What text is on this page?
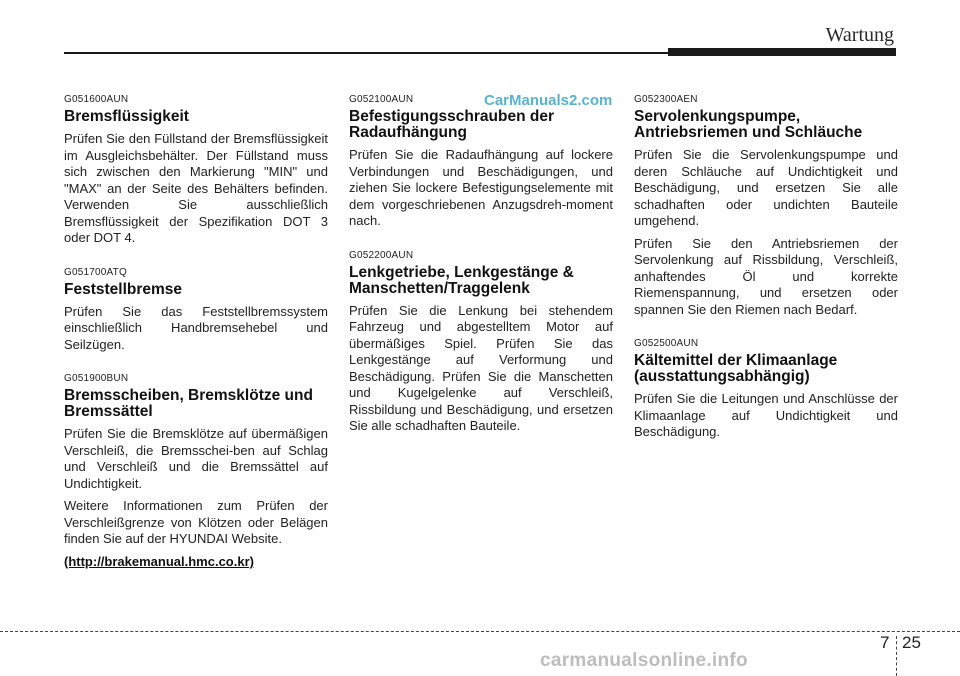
Wartung
CarManuals2.com

G051600AUN

Bremsflüssigkeit

Prüfen Sie den Füllstand der Bremsflüssigkeit im Ausgleichsbehälter. Der Füllstand muss sich zwischen den Markierung "MIN" und "MAX" an der Seite des Behälters befinden. Verwenden Sie ausschließlich Bremsflüssigkeit der Spezifikation DOT 3 oder DOT 4.

G051700ATQ

Feststellbremse

Prüfen Sie das Feststellbremssystem einschließlich Handbremsehebel und Seilzügen.

G051900BUN

Bremsscheiben, Bremsklötze und Bremssättel

Prüfen Sie die Bremsklötze auf übermäßigen Verschleiß, die Bremsschei-ben auf Schlag und Verschleiß und die Bremssättel auf Undichtigkeit.

Weitere Informationen zum Prüfen der Verschleißgrenze von Klötzen oder Belägen finden Sie auf der HYUNDAI Website.

(http://brakemanual.hmc.co.kr)

G052100AUN

Befestigungsschrauben der Radaufhängung

Prüfen Sie die Radaufhängung auf lockere Verbindungen und Beschädigungen, und ziehen Sie lockere Befestigungselemente mit dem vorgeschriebenen Anzugsdreh-moment nach.

G052200AUN

Lenkgetriebe, Lenkgestänge & Manschetten/Traggelenk

Prüfen Sie die Lenkung bei stehendem Fahrzeug und abgestelltem Motor auf übermäßiges Spiel. Prüfen Sie das Lenkgestänge auf Verformung und Beschädigung. Prüfen Sie die Manschetten und Kugelgelenke auf Verschleiß, Rissbildung und Beschädigung, und ersetzen Sie alle schadhaften Bauteile.

G052300AEN

Servolenkungspumpe, Antriebsriemen und Schläuche

Prüfen Sie die Servolenkungspumpe und deren Schläuche auf Undichtigkeit und Beschädigung, und ersetzen Sie alle schadhaften oder undichten Bauteile umgehend.

Prüfen Sie den Antriebsriemen der Servolenkung auf Rissbildung, Verschleiß, anhaftendes Öl und korrekte Riemenspannung, und ersetzen oder spannen Sie den Riemen nach Bedarf.

G052500AUN

Kältemittel der Klimaanlage (ausstattungsabhängig)

Prüfen Sie die Leitungen und Anschlüsse der Klimaanlage auf Undichtigkeit und Beschädigung.

7 25
carmanualsonline.info
